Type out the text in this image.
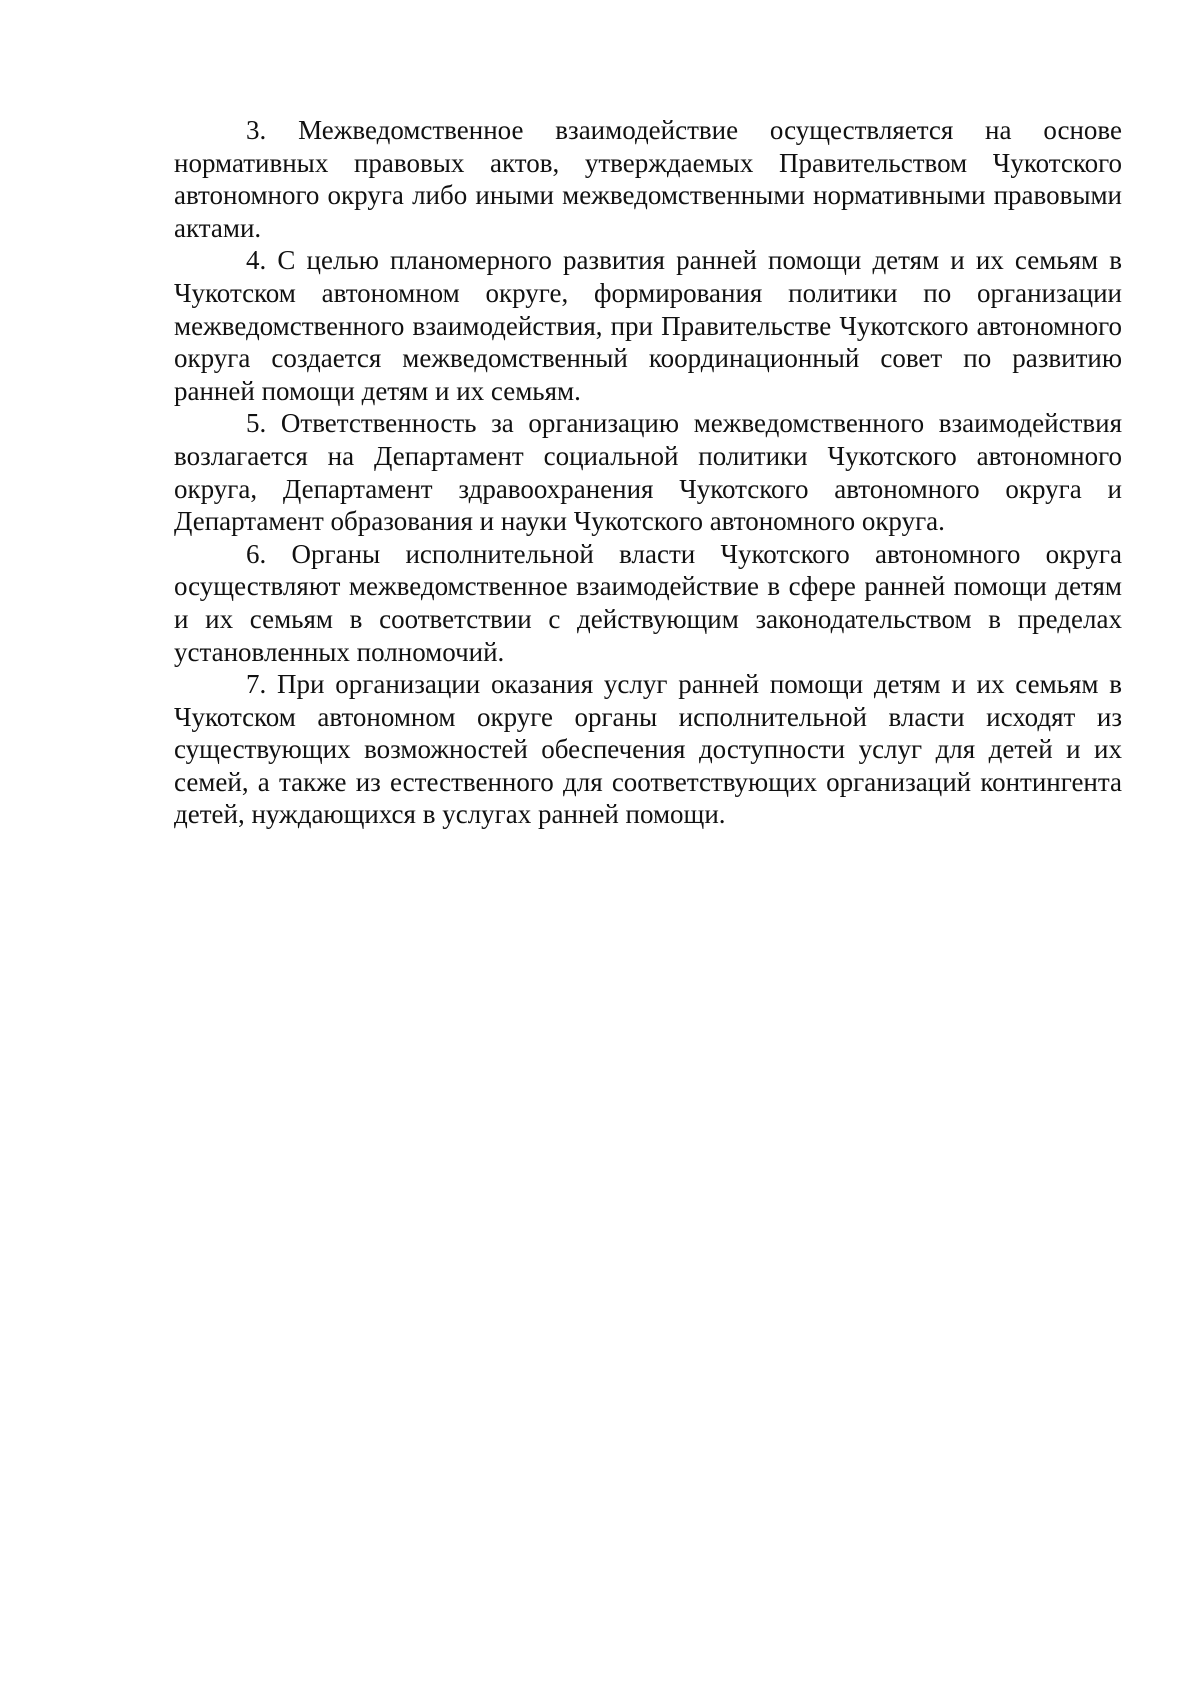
3. Межведомственное взаимодействие осуществляется на основе нормативных правовых актов, утверждаемых Правительством Чукотского автономного округа либо иными межведомственными нормативными правовыми актами.

4. С целью планомерного развития ранней помощи детям и их семьям в Чукотском автономном округе, формирования политики по организации межведомственного взаимодействия, при Правительстве Чукотского автономного округа создается межведомственный координационный совет по развитию ранней помощи детям и их семьям.

5. Ответственность за организацию межведомственного взаимодействия возлагается на Департамент социальной политики Чукотского автономного округа, Департамент здравоохранения Чукотского автономного округа и Департамент образования и науки Чукотского автономного округа.

6. Органы исполнительной власти Чукотского автономного округа осуществляют межведомственное взаимодействие в сфере ранней помощи детям и их семьям в соответствии с действующим законодательством в пределах установленных полномочий.

7. При организации оказания услуг ранней помощи детям и их семьям в Чукотском автономном округе органы исполнительной власти исходят из существующих возможностей обеспечения доступности услуг для детей и их семей, а также из естественного для соответствующих организаций контингента детей, нуждающихся в услугах ранней помощи.
